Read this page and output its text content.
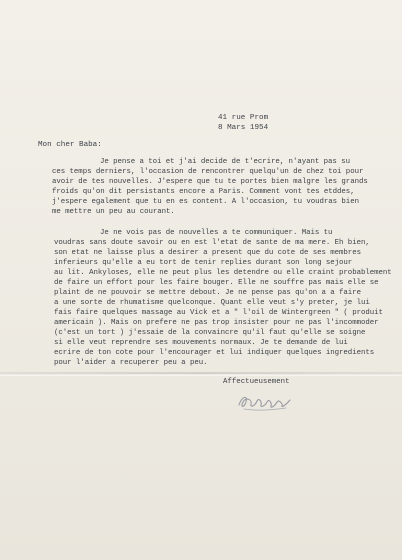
41 rue Prom
8 Mars 1954
Mon cher Baba:
Je pense a toi et j'ai decide de t'ecrire, n'ayant pas su
ces temps derniers, l'occasion de rencontrer quelqu'un de chez toi pour
avoir de tes nouvelles. J'espere que tu te portes bien malgre les grands
froids qu'on dit persistants encore a Paris. Comment vont tes etddes,
j'espere egalement que tu en es content. A l'occasion, tu voudras bien
me mettre un peu au courant.
Je ne vois pas de nouvelles a te communiquer. Mais tu
voudras sans doute savoir ou en est l'etat de sante de ma mere. Eh bien,
son etat ne laisse plus a desirer a present que du cote de ses membres
inferieurs qu'elle a eu tort de tenir replies durant son long sejour
au lit. Ankyloses, elle ne peut plus les detendre ou elle craint probablement
de faire un effort pour les faire bouger. Elle ne souffre pas mais elle se
plaint de ne pouvoir se mettre debout. Je ne pense pas qu'on a a faire
a une sorte de rhumatisme quelconque. Quant elle veut s'y preter, je lui
fais faire quelques massage au Vick et a " l'oil de Wintergreen " ( produit
americain ). Mais on prefere ne pas trop insister pour ne pas l'incommoder
(c'est un tort ) j'essaie de la convaincre qu'il faut qu'elle se soigne
si elle veut reprendre ses mouvements normaux. Je te demande de lui
ecrire de ton cote pour l'encourager et lui indiquer quelques ingredients
pour l'aider a recuperer peu a peu.
Affectueusement
